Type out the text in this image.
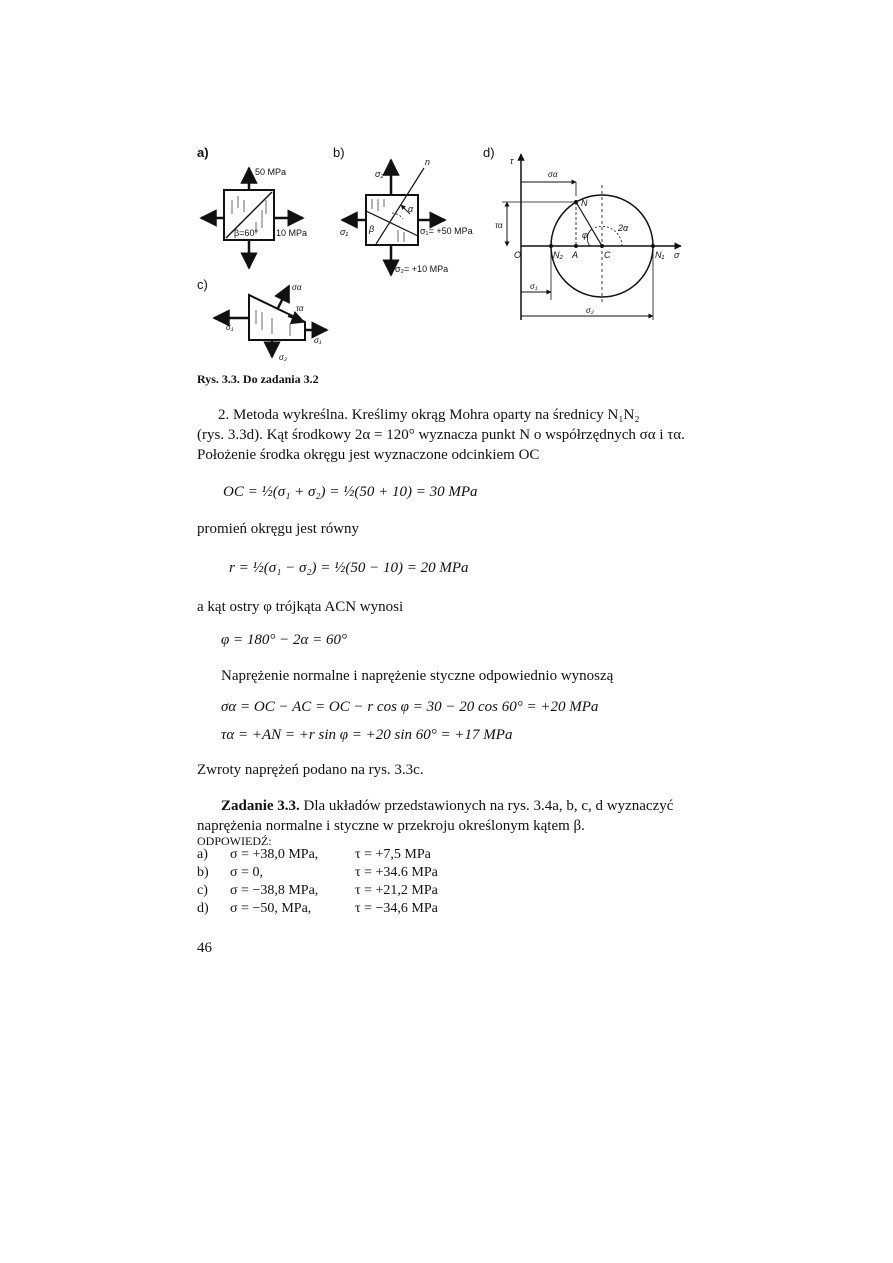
a)
50 MPa
β=60° 10 MPa
b)
n
σ₂
α
β
σ₁	σ₁= +50 MPa
σ₂= +10 MPa
c)	σα
τα
σ₁
σ₁
σ₂
d)
τ
σα
τα
N
2α
φ
O	N₂ A	C	N₁ σ
σ₁
σ₂
Rys. 3.3. Do zadania 3.2
2. Metoda wykreślna. Kreślimy okrąg Mohra oparty na średnicy N₁N₂
(rys. 3.3d). Kąt środkowy 2α = 120° wyznacza punkt N o współrzędnych σα i τα.
Położenie środka okręgu jest wyznaczone odcinkiem OC
OC = ½(σ₁ + σ₂) = ½(50 + 10) = 30 MPa
promień okręgu jest równy
r = ½(σ₁ − σ₂) = ½(50 − 10) = 20 MPa
a kąt ostry φ trójkąta ACN wynosi
φ = 180° − 2α = 60°
Naprężenie normalne i naprężenie styczne odpowiednio wynoszą
σα = OC − AC = OC − r cos φ = 30 − 20 cos 60° = +20 MPa
τα = +AN = +r sin φ = +20 sin 60° = +17 MPa
Zwroty naprężeń podano na rys. 3.3c.
Zadanie 3.3. Dla układów przedstawionych na rys. 3.4a, b, c, d wyznaczyć
naprężenia normalne i styczne w przekroju określonym kątem β.
ODPOWIEDŹ:
a) σ = +38,0 MPa,	τ = +7,5 MPa
b) σ = 0,	τ = +34.6 MPa
c) σ = −38,8 MPa,	τ = +21,2 MPa
d) σ = −50, MPa,	τ = −34,6 MPa
46
